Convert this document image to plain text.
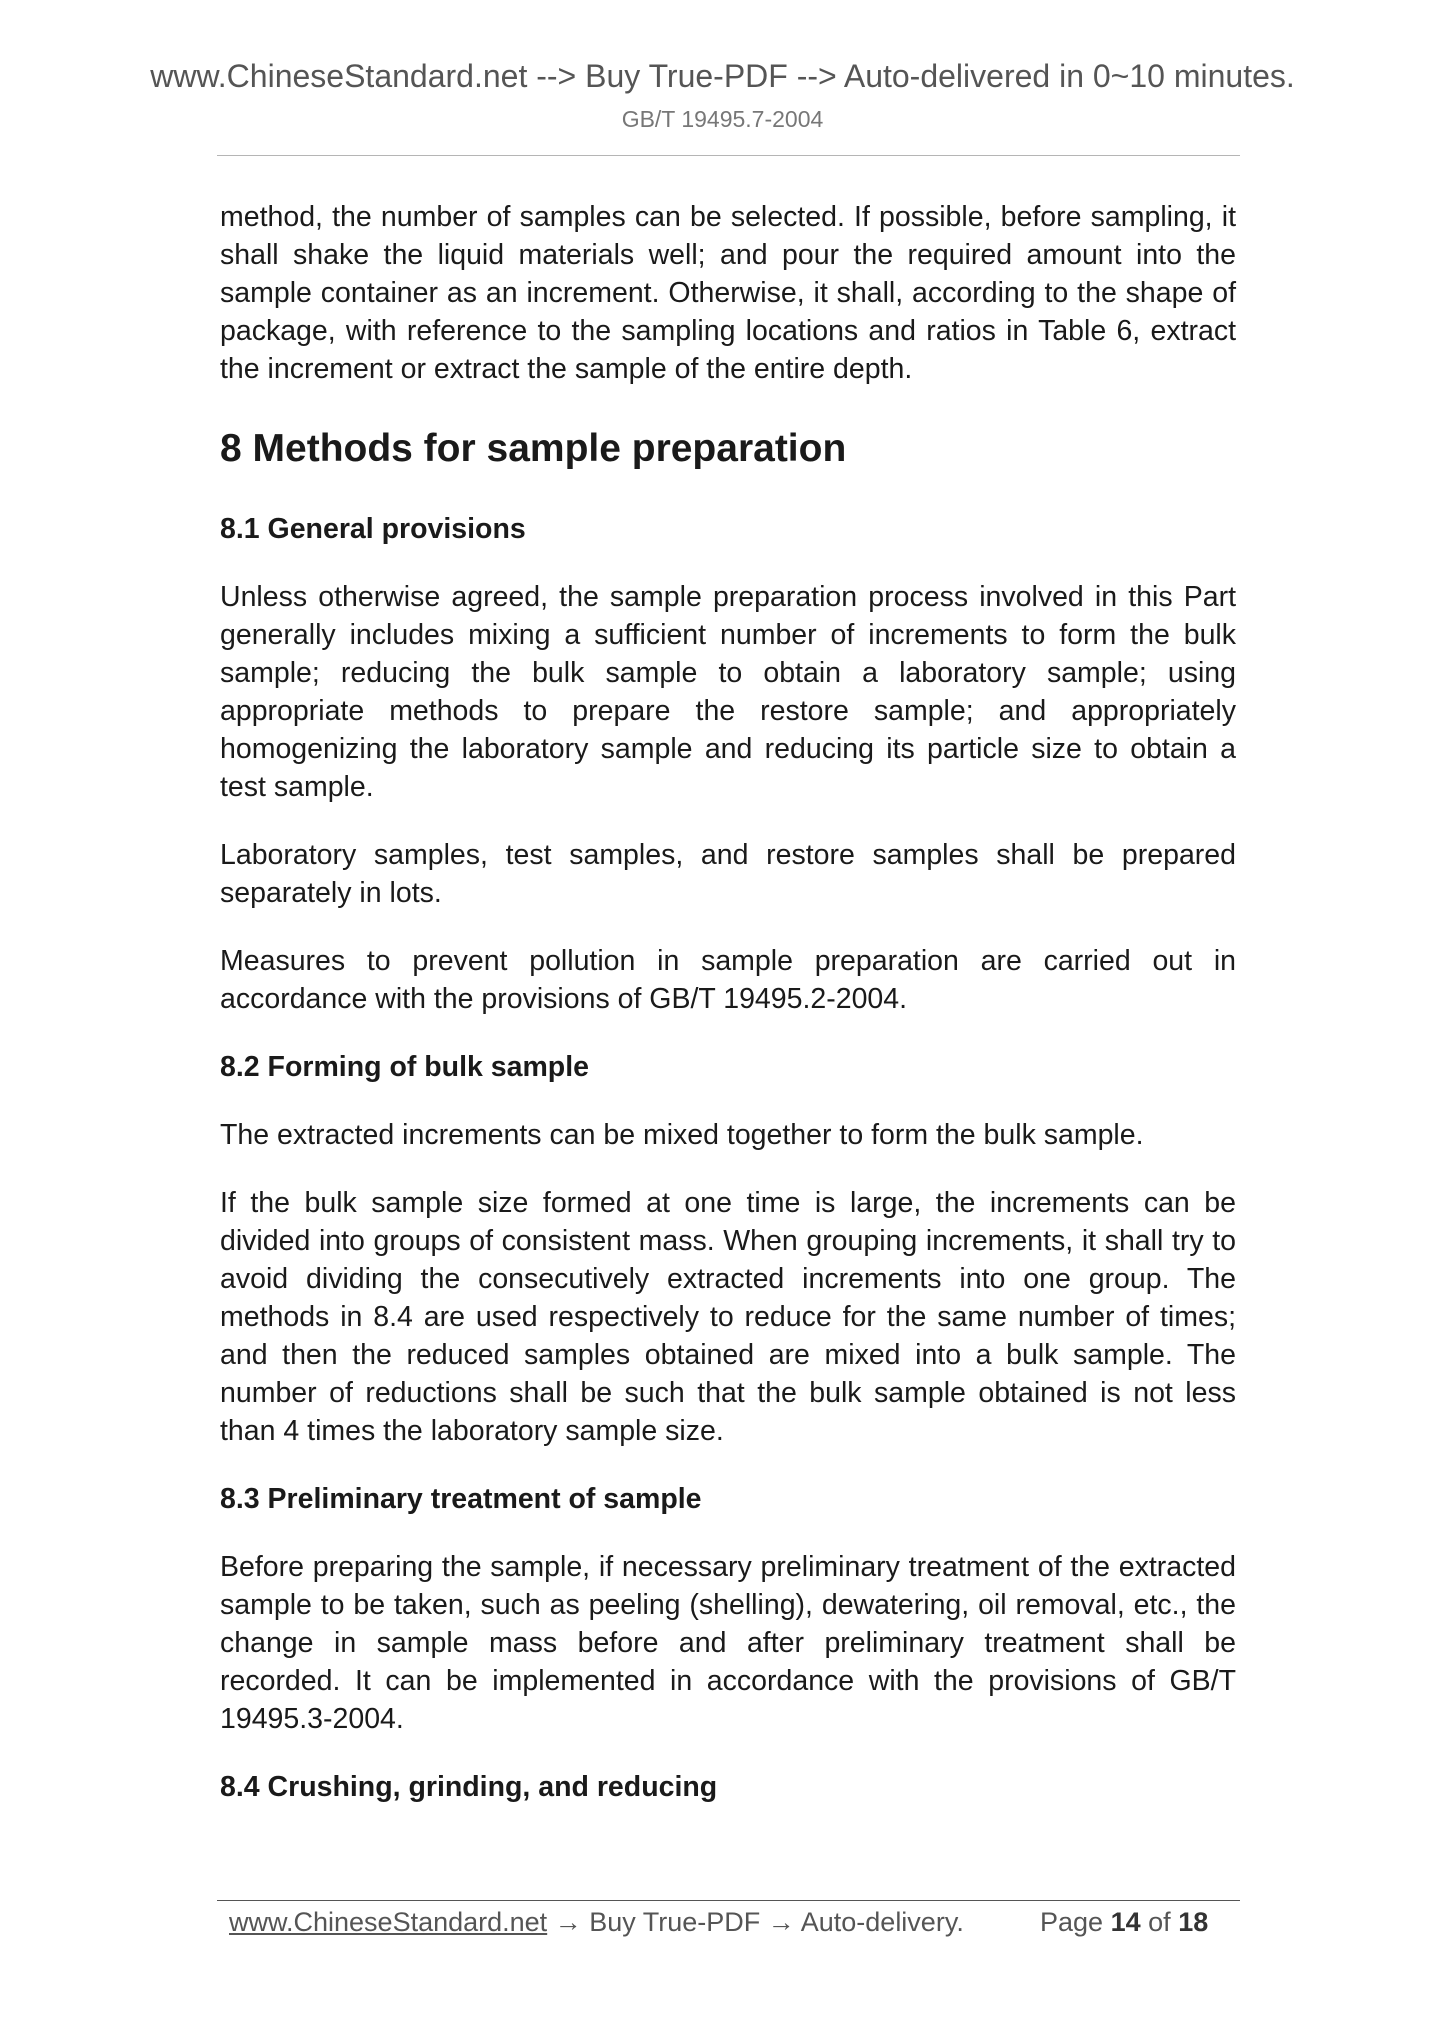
www.ChineseStandard.net --> Buy True-PDF --> Auto-delivered in 0~10 minutes.
GB/T 19495.7-2004

method, the number of samples can be selected. If possible, before sampling, it shall shake the liquid materials well; and pour the required amount into the sample container as an increment. Otherwise, it shall, according to the shape of package, with reference to the sampling locations and ratios in Table 6, extract the increment or extract the sample of the entire depth.

8 Methods for sample preparation
8.1 General provisions

Unless otherwise agreed, the sample preparation process involved in this Part generally includes mixing a sufficient number of increments to form the bulk sample; reducing the bulk sample to obtain a laboratory sample; using appropriate methods to prepare the restore sample; and appropriately homogenizing the laboratory sample and reducing its particle size to obtain a test sample.

Laboratory samples, test samples, and restore samples shall be prepared separately in lots.

Measures to prevent pollution in sample preparation are carried out in accordance with the provisions of GB/T 19495.2-2004.

8.2 Forming of bulk sample

The extracted increments can be mixed together to form the bulk sample.

If the bulk sample size formed at one time is large, the increments can be divided into groups of consistent mass. When grouping increments, it shall try to avoid dividing the consecutively extracted increments into one group. The methods in 8.4 are used respectively to reduce for the same number of times; and then the reduced samples obtained are mixed into a bulk sample. The number of reductions shall be such that the bulk sample obtained is not less than 4 times the laboratory sample size.

8.3 Preliminary treatment of sample

Before preparing the sample, if necessary preliminary treatment of the extracted sample to be taken, such as peeling (shelling), dewatering, oil removal, etc., the change in sample mass before and after preliminary treatment shall be recorded. It can be implemented in accordance with the provisions of GB/T 19495.3-2004.

8.4 Crushing, grinding, and reducing
www.ChineseStandard.net → Buy True-PDF → Auto-delivery.	Page 14 of 18
